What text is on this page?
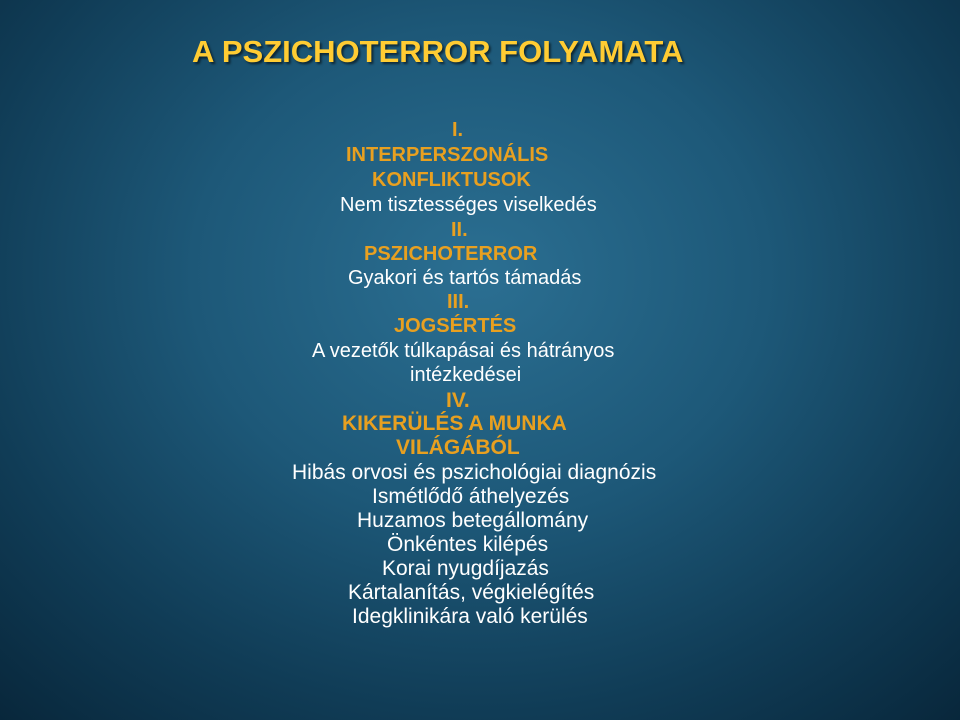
A PSZICHOTERROR FOLYAMATA
I.
INTERPERSZONÁLIS
KONFLIKTUSOK
Nem tisztességes viselkedés
II.
PSZICHOTERROR
Gyakori és tartós támadás
III.
JOGSÉRTÉS
A vezetők túlkapásai és hátrányos
intézkedései
IV.
KIKERÜLÉS A MUNKA
VILÁGÁBÓL
Hibás orvosi és pszichológiai diagnózis
Ismétlődő áthelyezés
Huzamos betegállomány
Önkéntes kilépés
Korai nyugdíjazás
Kártalanítás, végkielégítés
Idegklinikára való kerülés
